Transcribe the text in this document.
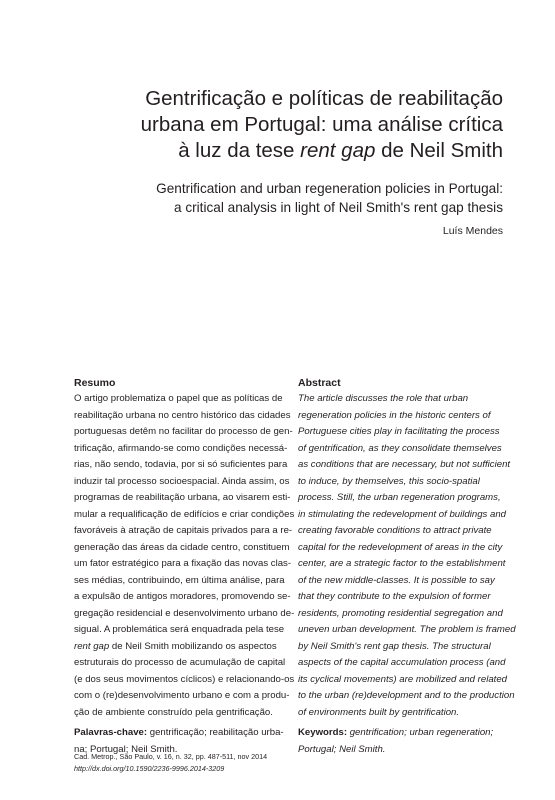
Gentrificação e políticas de reabilitação
urbana em Portugal: uma análise crítica
à luz da tese rent gap de Neil Smith
Gentrification and urban regeneration policies in Portugal:
a critical analysis in light of Neil Smith's rent gap thesis
Luís Mendes
Resumo
O artigo problematiza o papel que as políticas de
reabilitação urbana no centro histórico das cidades
portuguesas detêm no facilitar do processo de gen-
trificação, afirmando-se como condições necessá-
rias, não sendo, todavia, por si só suficientes para
induzir tal processo socioespacial. Ainda assim, os
programas de reabilitação urbana, ao visarem esti-
mular a requalificação de edifícios e criar condições
favoráveis à atração de capitais privados para a re-
generação das áreas da cidade centro, constituem
um fator estratégico para a fixação das novas clas-
ses médias, contribuindo, em última análise, para
a expulsão de antigos moradores, promovendo se-
gregação residencial e desenvolvimento urbano de-
sigual. A problemática será enquadrada pela tese
rent gap de Neil Smith mobilizando os aspectos
estruturais do processo de acumulação de capital
(e dos seus movimentos cíclicos) e relacionando-os
com o (re)desenvolvimento urbano e com a produ-
ção de ambiente construído pela gentrificação.
Palavras-chave: gentrificação; reabilitação urba-
na; Portugal; Neil Smith.
Abstract
The article discusses the role that urban
regeneration policies in the historic centers of
Portuguese cities play in facilitating the process
of gentrification, as they consolidate themselves
as conditions that are necessary, but not sufficient
to induce, by themselves, this socio-spatial
process. Still, the urban regeneration programs,
in stimulating the redevelopment of buildings and
creating favorable conditions to attract private
capital for the redevelopment of areas in the city
center, are a strategic factor to the establishment
of the new middle-classes. It is possible to say
that they contribute to the expulsion of former
residents, promoting residential segregation and
uneven urban development. The problem is framed
by Neil Smith's rent gap thesis. The structural
aspects of the capital accumulation process (and
its cyclical movements) are mobilized and related
to the urban (re)development and to the production
of environments built by gentrification.
Keywords: gentrification; urban regeneration;
Portugal; Neil Smith.
Cad. Metrop., São Paulo, v. 16, n. 32, pp. 487-511, nov 2014
http://dx.doi.org/10.1590/2236-9996.2014-3209
